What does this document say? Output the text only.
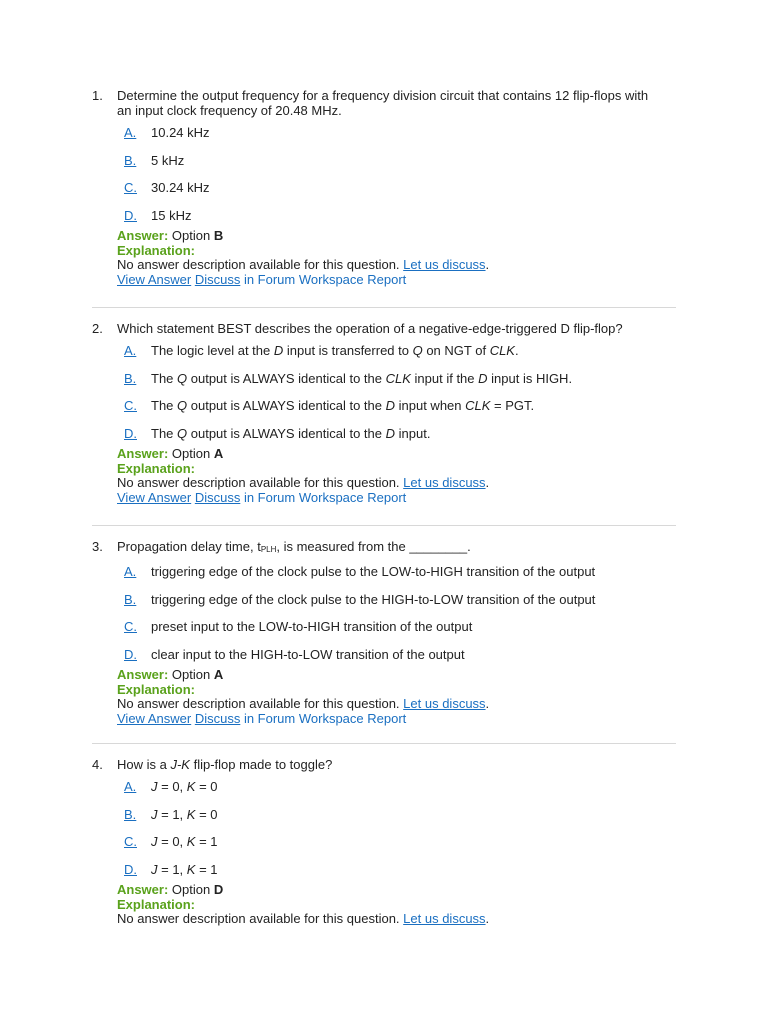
1. Determine the output frequency for a frequency division circuit that contains 12 flip-flops with
an input clock frequency of 20.48 MHz.
A. 10.24 kHz
B. 5 kHz
C. 30.24 kHz
D. 15 kHz
Answer: Option B
Explanation:
No answer description available for this question. Let us discuss.
View Answer Discuss in Forum Workspace Report
2. Which statement BEST describes the operation of a negative-edge-triggered D flip-flop?
A. The logic level at the D input is transferred to Q on NGT of CLK.
B. The Q output is ALWAYS identical to the CLK input if the D input is HIGH.
C. The Q output is ALWAYS identical to the D input when CLK = PGT.
D. The Q output is ALWAYS identical to the D input.
Answer: Option A
Explanation:
No answer description available for this question. Let us discuss.
View Answer Discuss in Forum Workspace Report
3. Propagation delay time, tPLH, is measured from the ________.
A. triggering edge of the clock pulse to the LOW-to-HIGH transition of the output
B. triggering edge of the clock pulse to the HIGH-to-LOW transition of the output
C. preset input to the LOW-to-HIGH transition of the output
D. clear input to the HIGH-to-LOW transition of the output
Answer: Option A
Explanation:
No answer description available for this question. Let us discuss.
View Answer Discuss in Forum Workspace Report
4. How is a J-K flip-flop made to toggle?
A. J = 0, K = 0
B. J = 1, K = 0
C. J = 0, K = 1
D. J = 1, K = 1
Answer: Option D
Explanation:
No answer description available for this question. Let us discuss.
